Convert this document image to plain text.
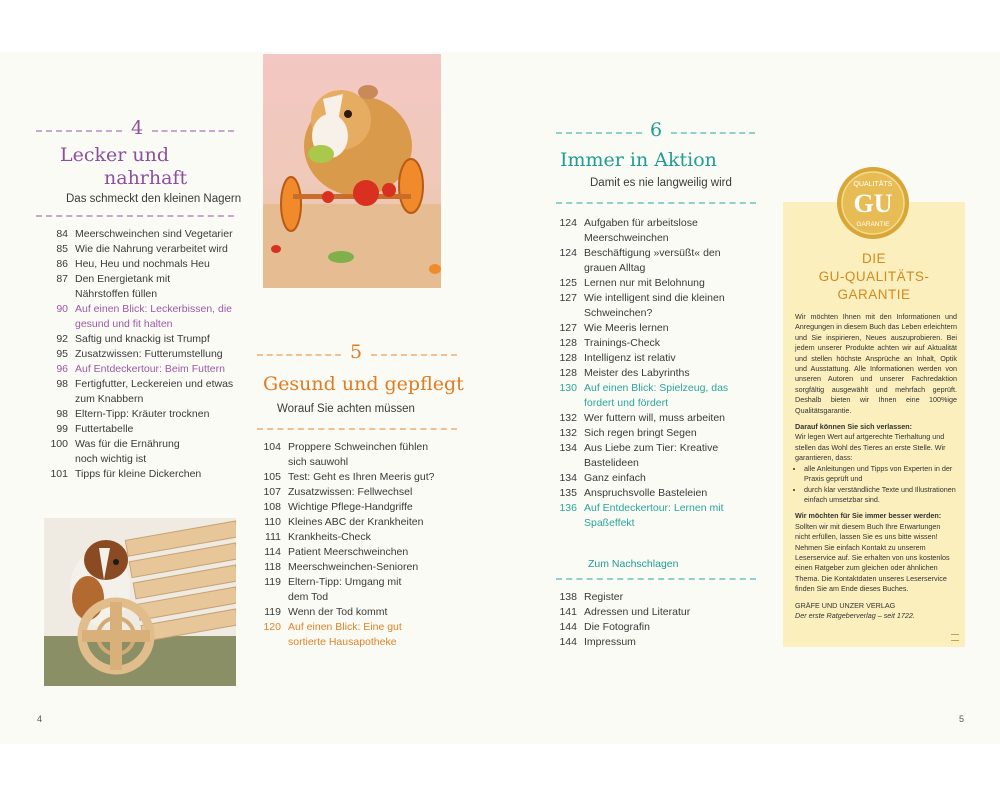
4
Lecker und
nahrhaft
Das schmeckt den kleinen Nagern
84 Meerschweinchen sind Vegetarier
85 Wie die Nahrung verarbeitet wird
86 Heu, Heu und nochmals Heu
87 Den Energietank mit
Nährstoffen füllen
90 Auf einen Blick: Leckerbissen, die
gesund und fit halten
92 Saftig und knackig ist Trumpf
95 Zusatzwissen: Futterumstellung
96 Auf Entdeckertour: Beim Futtern
98 Fertigfutter, Leckereien und etwas
zum Knabbern
98 Eltern-Tipp: Kräuter trocknen
99 Futtertabelle
100 Was für die Ernährung
noch wichtig ist
101 Tipps für kleine Dickerchen
5
Gesund und gepflegt
Worauf Sie achten müssen
104 Proppere Schweinchen fühlen
sich sauwohl
105 Test: Geht es Ihren Meeris gut?
107 Zusatzwissen: Fellwechsel
108 Wichtige Pflege-Handgriffe
110 Kleines ABC der Krankheiten
111 Krankheits-Check
114 Patient Meerschweinchen
118 Meerschweinchen-Senioren
119 Eltern-Tipp: Umgang mit
dem Tod
119 Wenn der Tod kommt
120 Auf einen Blick: Eine gut
sortierte Hausapotheke
4
6
Immer in Aktion
Damit es nie langweilig wird
124 Aufgaben für arbeitslose
Meerschweinchen
124 Beschäftigung »versüßt« den
grauen Alltag
125 Lernen nur mit Belohnung
127 Wie intelligent sind die kleinen
Schweinchen?
127 Wie Meeris lernen
128 Trainings-Check
128 Intelligenz ist relativ
128 Meister des Labyrinths
130 Auf einen Blick: Spielzeug, das
fordert und fördert
132 Wer futtern will, muss arbeiten
132 Sich regen bringt Segen
134 Aus Liebe zum Tier: Kreative
Bastelideen
134 Ganz einfach
135 Anspruchsvolle Basteleien
136 Auf Entdeckertour: Lernen mit
Spaßeffekt
Zum Nachschlagen
138 Register
141 Adressen und Literatur
144 Die Fotografin
144 Impressum
QUALITÄTS
GU
GARANTIE
DIE
GU-QUALITÄTS-
GARANTIE

Wir möchten Ihnen mit den Informationen und Anregungen in diesem Buch das Leben erleichtern und Sie inspirieren, Neues auszuprobieren. Bei jedem unserer Produkte achten wir auf Aktualität und stellen höchste Ansprüche an Inhalt, Optik und Ausstattung. Alle Informationen werden von unseren Autoren und unserer Fachredaktion sorgfältig ausgewählt und mehrfach geprüft. Deshalb bieten wir Ihnen eine 100%ige Qualitätsgarantie.

Darauf können Sie sich verlassen:

Wir legen Wert auf artgerechte Tierhaltung und stellen das Wohl des Tieres an erste Stelle. Wir garantieren, dass:

• alle Anleitungen und Tipps von Experten in der Praxis geprüft und
• durch klar verständliche Texte und Illustrationen einfach umsetzbar sind.

Wir möchten für Sie immer besser werden:

Sollten wir mit diesem Buch Ihre Erwartungen nicht erfüllen, lassen Sie es uns bitte wissen! Nehmen Sie einfach Kontakt zu unserem Leserservice auf. Sie erhalten von uns kostenlos einen Ratgeber zum gleichen oder ähnlichen Thema. Die Kontaktdaten unseres Leserservice finden Sie am Ende dieses Buches.

GRÄFE UND UNZER VERLAG

Der erste Ratgeberverlag – seit 1722.

5
